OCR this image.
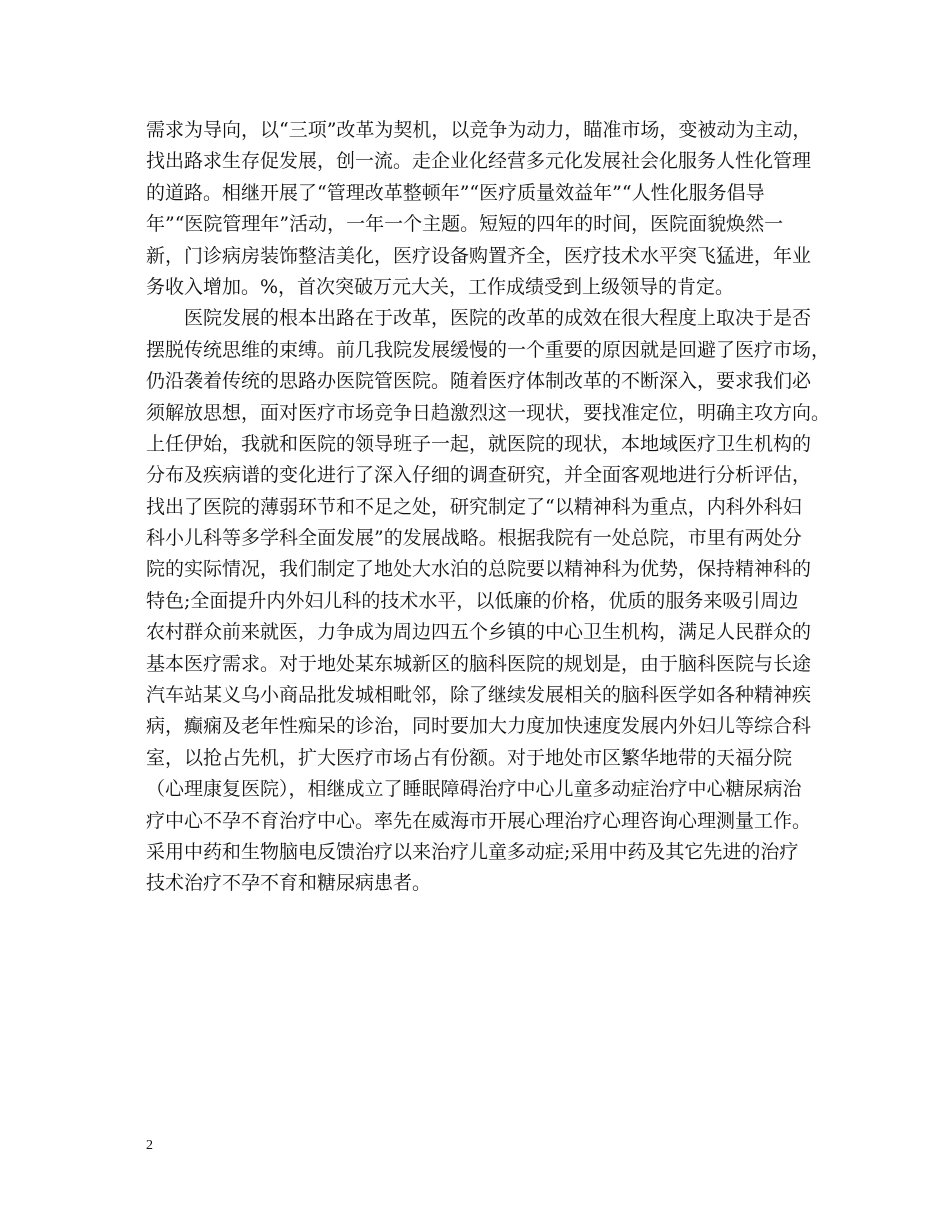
需求为导向，以“三项”改革为契机，以竞争为动力，瞄准市场，变被动为主动，
找出路求生存促发展，创一流。走企业化经营多元化发展社会化服务人性化管理
的道路。相继开展了“管理改革整顿年”“医疗质量效益年”“人性化服务倡导
年”“医院管理年”活动，一年一个主题。短短的四年的时间，医院面貌焕然一
新，门诊病房装饰整洁美化，医疗设备购置齐全，医疗技术水平突飞猛进，年业
务收入增加。%，首次突破万元大关，工作成绩受到上级领导的肯定。
医院发展的根本出路在于改革，医院的改革的成效在很大程度上取决于是否
摆脱传统思维的束缚。前几我院发展缓慢的一个重要的原因就是回避了医疗市场，
仍沿袭着传统的思路办医院管医院。随着医疗体制改革的不断深入，要求我们必
须解放思想，面对医疗市场竞争日趋激烈这一现状，要找准定位，明确主攻方向。
上任伊始，我就和医院的领导班子一起，就医院的现状，本地域医疗卫生机构的
分布及疾病谱的变化进行了深入仔细的调查研究，并全面客观地进行分析评估，
找出了医院的薄弱环节和不足之处，研究制定了“以精神科为重点，内科外科妇
科小儿科等多学科全面发展”的发展战略。根据我院有一处总院，市里有两处分
院的实际情况，我们制定了地处大水泊的总院要以精神科为优势，保持精神科的
特色;全面提升内外妇儿科的技术水平，以低廉的价格，优质的服务来吸引周边
农村群众前来就医，力争成为周边四五个乡镇的中心卫生机构，满足人民群众的
基本医疗需求。对于地处某东城新区的脑科医院的规划是，由于脑科医院与长途
汽车站某义乌小商品批发城相毗邻，除了继续发展相关的脑科医学如各种精神疾
病，癫痫及老年性痴呆的诊治，同时要加大力度加快速度发展内外妇儿等综合科
室，以抢占先机，扩大医疗市场占有份额。对于地处市区繁华地带的天福分院
（心理康复医院），相继成立了睡眠障碍治疗中心儿童多动症治疗中心糖尿病治
疗中心不孕不育治疗中心。率先在威海市开展心理治疗心理咨询心理测量工作。
采用中药和生物脑电反馈治疗以来治疗儿童多动症;采用中药及其它先进的治疗
技术治疗不孕不育和糖尿病患者。
2
